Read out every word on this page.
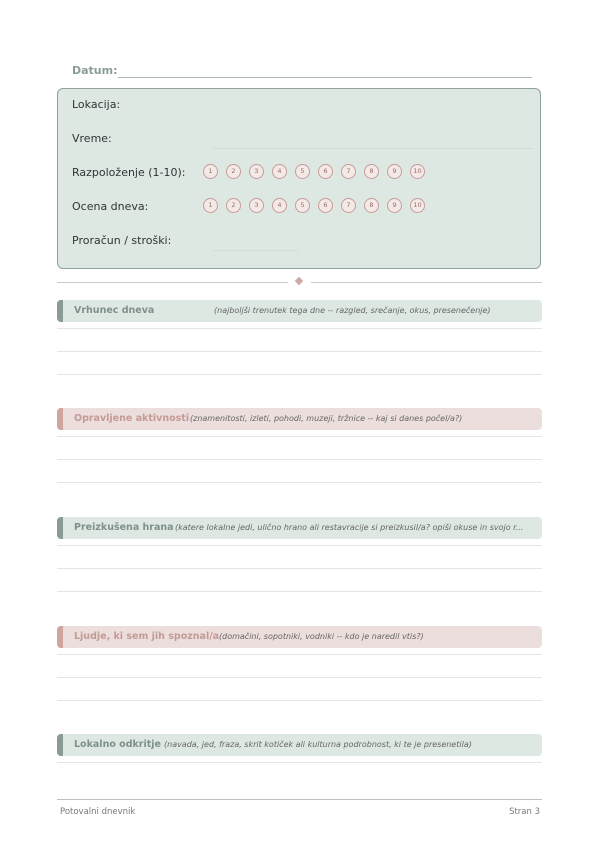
Datum:
Lokacija:
Vreme:
Razpoloženje (1-10):	1	2	3	4	5	6	7	8	9	10
Ocena dneva:	1	2	3	4	5	6	7	8	9	10
Proračun / stroški:
Vrhunec dneva	(najboljši trenutek tega dne -- razgled, srečanje, okus, presenečenje)
Opravljene aktivnosti (znamenitosti, izleti, pohodi, muzeji, tržnice -- kaj si danes počel/a?)
Preizkušena hrana (katere lokalne jedi, ulično hrano ali restavracije si preizkusil/a? opiši okuse in svojo r...
Ljudje, ki sem jih spoznal/a (domačini, sopotniki, vodniki -- kdo je naredil vtis?)
Lokalno odkritje (navada, jed, fraza, skrit kotiček ali kulturna podrobnost, ki te je presenetila)
Potovalni dnevnik	Stran 3
